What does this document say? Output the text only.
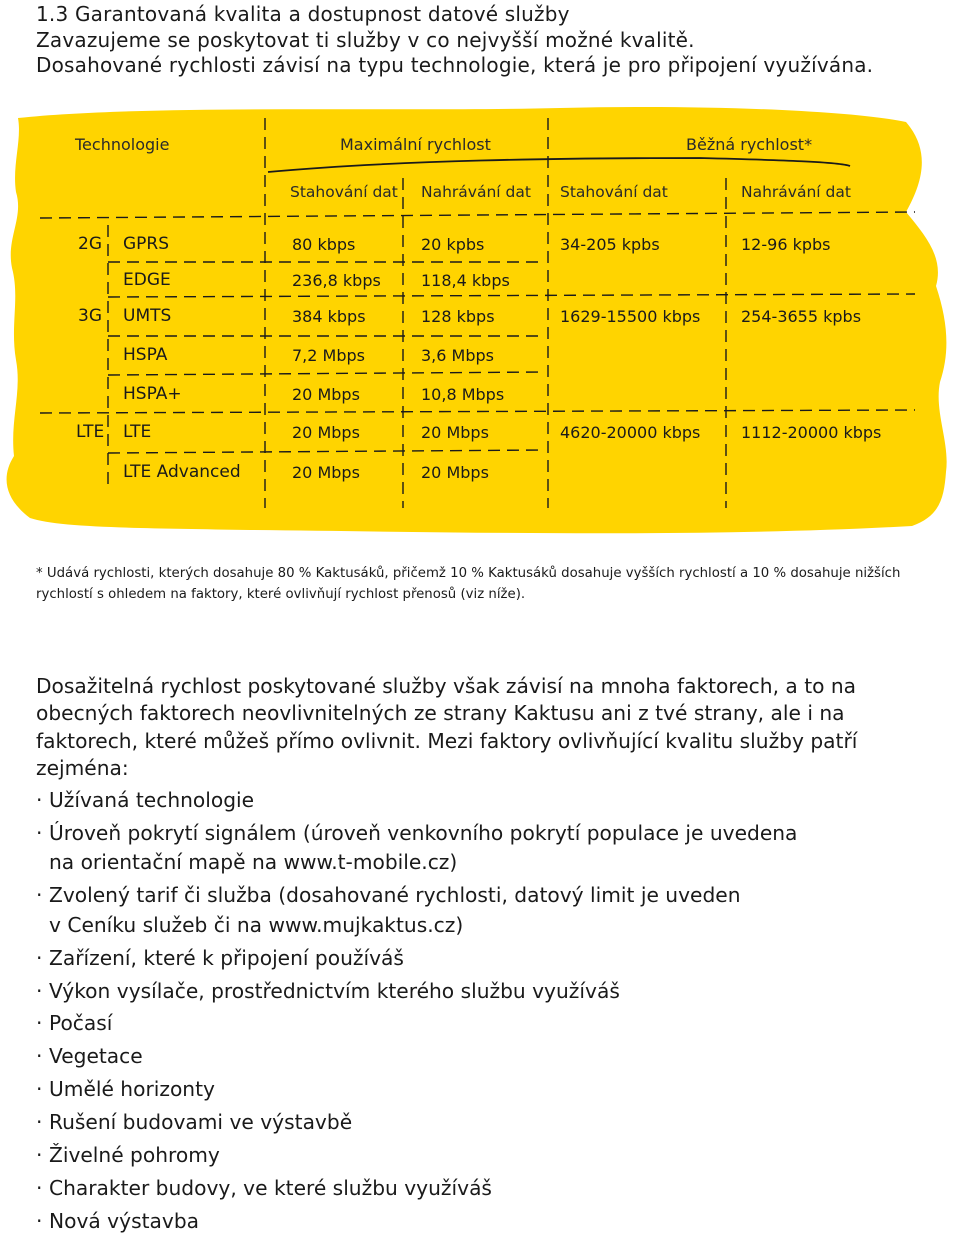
1.3 Garantovaná kvalita a dostupnost datové služby
Zavazujeme se poskytovat ti služby v co nejvyšší možné kvalitě.
Dosahované rychlosti závisí na typu technologie, která je pro připojení využívána.
Technologie	Maximální rychlost	Běžná rychlost*
Stahování dat Nahrávání dat Stahování dat	Nahrávání dat
2G GPRS	80 kbps	20 kpbs	34-205 kpbs	12-96 kpbs
EDGE	236,8 kbps	118,4 kbps
3G UMTS	384 kbps	128 kbps	1629-15500 kbps	254-3655 kpbs
HSPA	7,2 Mbps	3,6 Mbps
HSPA+	20 Mbps	10,8 Mbps
LTE LTE	20 Mbps	20 Mbps	4620-20000 kbps	1112-20000 kbps
LTE Advanced	20 Mbps	20 Mbps
* Udává rychlosti, kterých dosahuje 80 % Kaktusáků, přičemž 10 % Kaktusáků dosahuje vyšších rychlostí a 10 % dosahuje nižších rychlostí s ohledem na faktory, které ovlivňují rychlost přenosů (viz níže).
Dosažitelná rychlost poskytované služby však závisí na mnoha faktorech, a to na obecných faktorech neovlivnitelných ze strany Kaktusu ani z tvé strany, ale i na faktorech, které můžeš přímo ovlivnit. Mezi faktory ovlivňující kvalitu služby patří zejména:
· Užívaná technologie
· Úroveň pokrytí signálem (úroveň venkovního pokrytí populace je uvedena
na orientační mapě na www.t-mobile.cz)
· Zvolený tarif či služba (dosahované rychlosti, datový limit je uveden
v Ceníku služeb či na www.mujkaktus.cz)
· Zařízení, které k připojení používáš
· Výkon vysílače, prostřednictvím kterého službu využíváš
· Počasí
· Vegetace
· Umělé horizonty
· Rušení budovami ve výstavbě
· Živelné pohromy
· Charakter budovy, ve které službu využíváš
· Nová výstavba
